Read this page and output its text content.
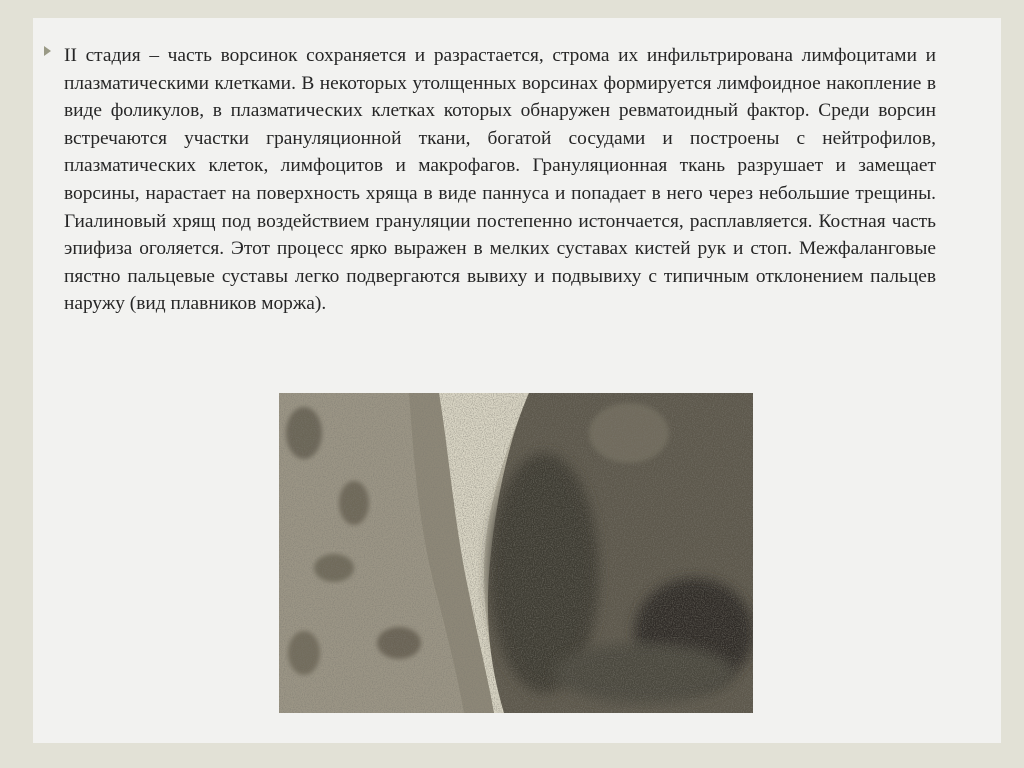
II стадия – часть ворсинок сохраняется и разрастается, строма их инфильтрирована лимфоцитами и плазматическими клетками. В некоторых утолщенных ворсинах формируется лимфоидное накопление в виде фоликулов, в плазматических клетках которых обнаружен ревматоидный фактор. Среди ворсин встречаются участки грануляционной ткани, богатой сосудами и построены с нейтрофилов, плазматических клеток, лимфоцитов и макрофагов. Грануляционная ткань разрушает и замещает ворсины, нарастает на поверхность хряща в виде паннуса и попадает в него через небольшие трещины. Гиалиновый хрящ под воздействием грануляции постепенно истончается, расплавляется. Костная часть эпифиза оголяется. Этот процесс ярко выражен в мелких суставах кистей рук и стоп. Межфаланговые пястно пальцевые суставы легко подвергаются вывиху и подвывиху с типичным отклонением пальцев наружу (вид плавников моржа).
